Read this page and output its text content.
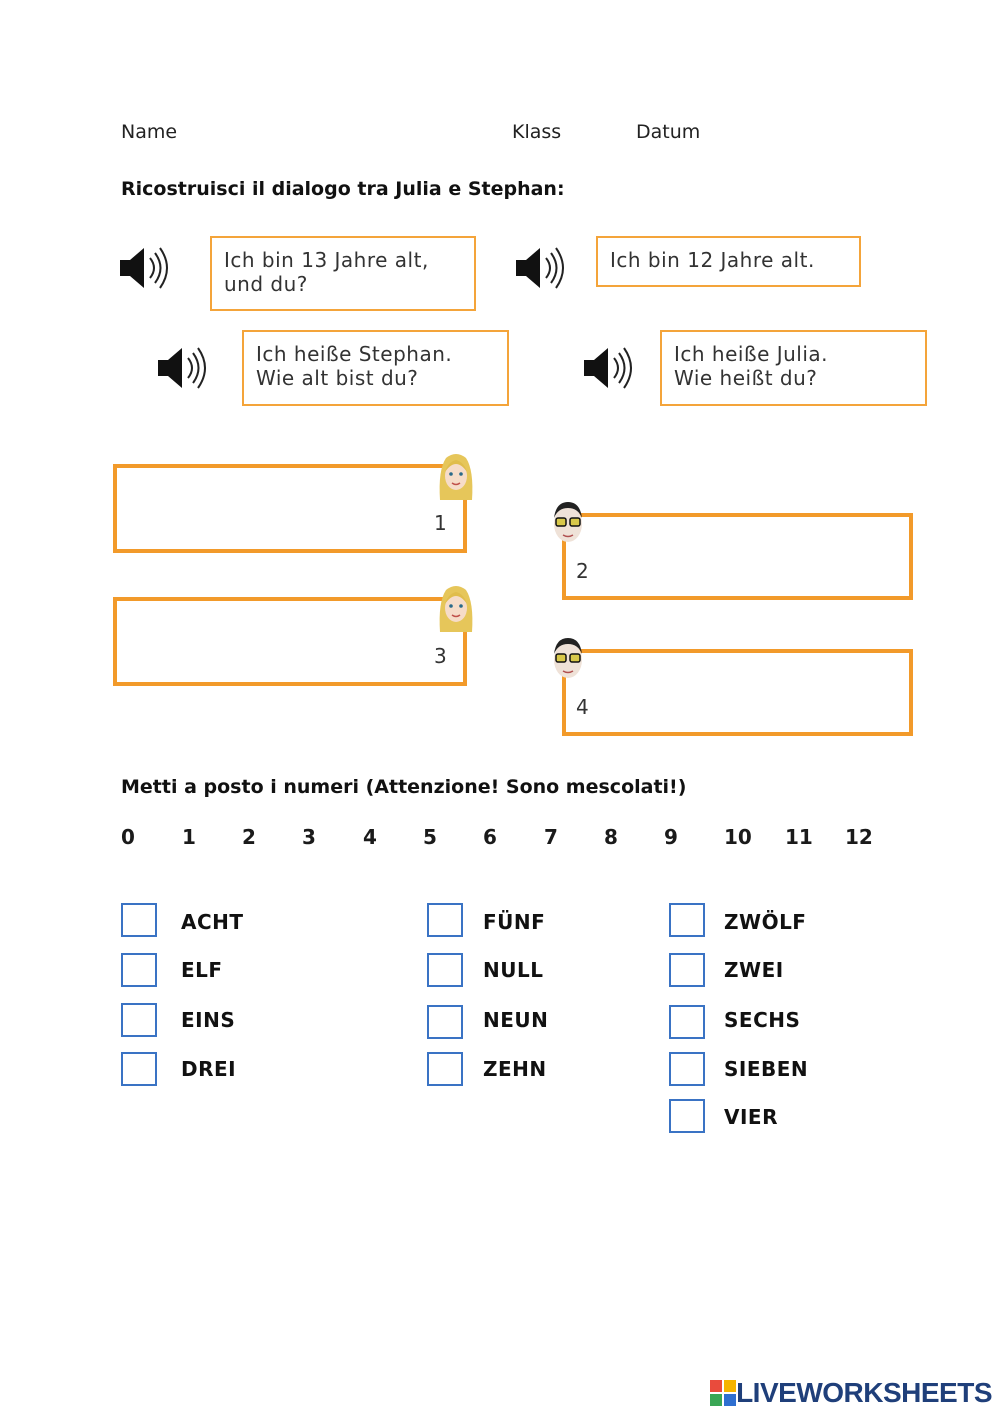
Name	Klass	Datum
Ricostruisci il dialogo tra Julia e Stephan:
Ich bin 13 Jahre alt,
und du?
Ich bin 12 Jahre alt.
Ich heiße Stephan.
Wie alt bist du?
Ich heiße Julia.
Wie heißt du?
1
2
3
4
Metti a posto i numeri (Attenzione! Sono mescolati!)
0 1 2 3 4 5 6 7 8 9 10 11 12
ACHT
ELF
EINS
DREI
FÜNF
NULL
NEUN
ZEHN
ZWÖLF
ZWEI
SECHS
SIEBEN
VIER
LIVEWORKSHEETS
